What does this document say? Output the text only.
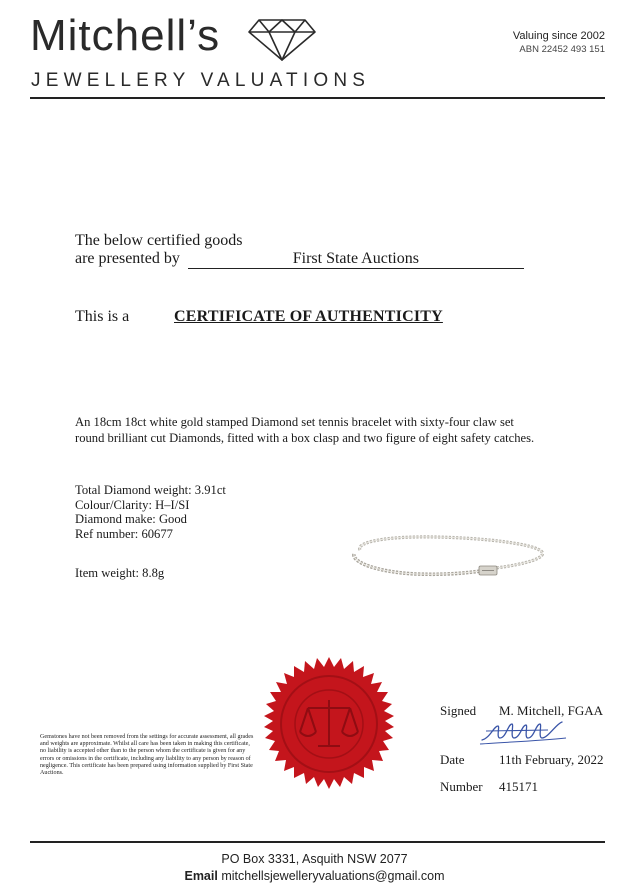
Mitchell’s
JEWELLERY VALUATIONS
Valuing since 2002
ABN 22452 493 151
The below certified goods
are presented by	First State Auctions
This is a	CERTIFICATE OF AUTHENTICITY
An 18cm 18ct white gold stamped Diamond set tennis bracelet with sixty-four claw set round brilliant cut Diamonds, fitted with a box clasp and two figure of eight safety catches.
Total Diamond weight: 3.91ct
Colour/Clarity: H–I/SI
Diamond make: Good
Ref number: 60677
Item weight: 8.8g
Gemstones have not been removed from the settings for accurate assessment, all grades and weights are approximate. Whilst all care has been taken in making this certificate, no liability is accepted other than to the person whom the certificate is given for any errors or omissions in the certificate, including any liability to any person by reason of negligence. This certificate has been prepared using information supplied by First State Auctions.
Signed M. Mitchell, FGAA
Date	11th February, 2022
Number 415171
PO Box 3331, Asquith NSW 2077
Email mitchellsjewelleryvaluations@gmail.com
